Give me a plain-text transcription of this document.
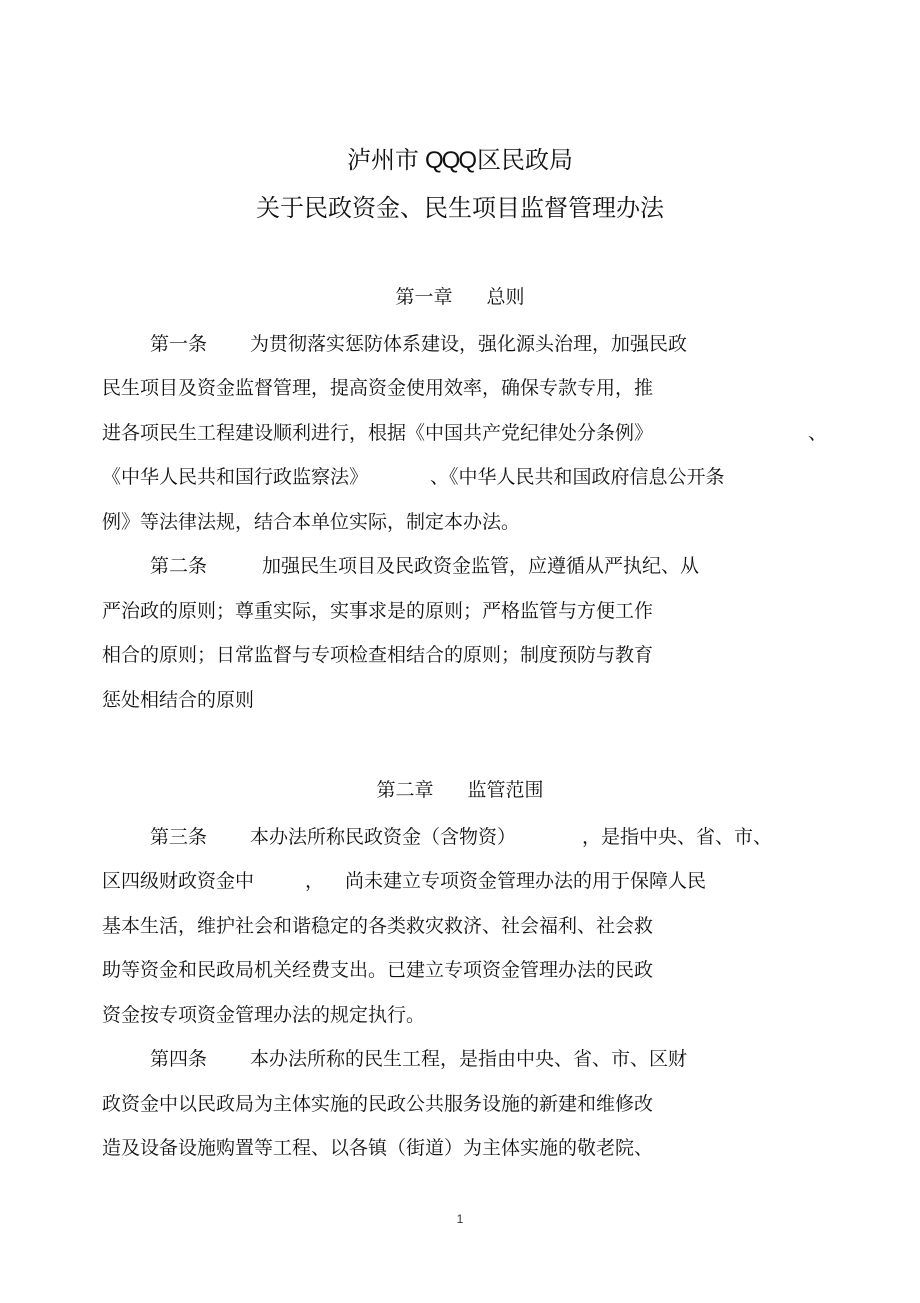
泸州市 QQQ区民政局
关于民政资金、民生项目监督管理办法
第一章 总则
第一条 为贯彻落实惩防体系建设，强化源头治理，加强民政
民生项目及资金监督管理，提高资金使用效率，确保专款专用，推
进各项民生工程建设顺利进行，根据《中国共产党纪律处分条例》	、
《中华人民共和国行政监察法》	、《中华人民共和国政府信息公开条
例》等法律法规，结合本单位实际，制定本办法。
第二条	加强民生项目及民政资金监管，应遵循从严执纪、从
严治政的原则；尊重实际，实事求是的原则；严格监管与方便工作
相合的原则；日常监督与专项检查相结合的原则；制度预防与教育
惩处相结合的原则
第二章 监管范围
第三条 本办法所称民政资金（含物资）	，是指中央、省、市、
区四级财政资金中	， 尚未建立专项资金管理办法的用于保障人民
基本生活，维护社会和谐稳定的各类救灾救济、社会福利、社会救
助等资金和民政局机关经费支出。已建立专项资金管理办法的民政
资金按专项资金管理办法的规定执行。
第四条 本办法所称的民生工程，是指由中央、省、市、区财
政资金中以民政局为主体实施的民政公共服务设施的新建和维修改
造及设备设施购置等工程、以各镇（街道）为主体实施的敬老院、
1
